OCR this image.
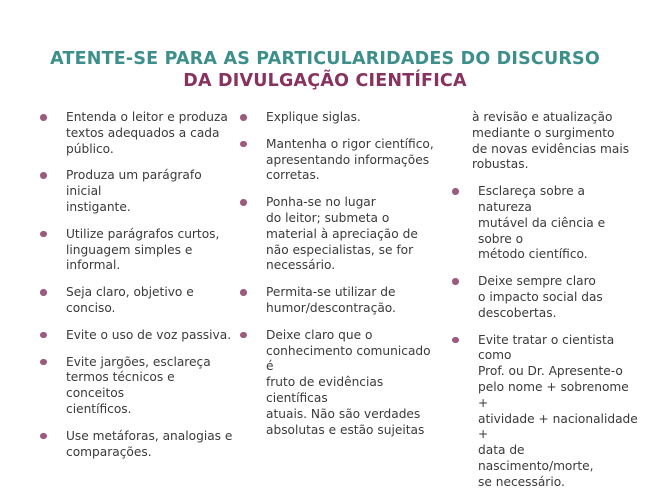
ATENTE-SE PARA AS PARTICULARIDADES DO DISCURSO
DA DIVULGAÇÃO CIENTÍFICA
Entenda o leitor e produza
textos adequados a cada
público.
Produza um parágrafo inicial
instigante.
Utilize parágrafos curtos,
linguagem simples e
informal.
Seja claro, objetivo e conciso.
Evite o uso de voz passiva.
Evite jargões, esclareça
termos técnicos e conceitos
científicos.
Use metáforas, analogias e
comparações.
Explique siglas.
Mantenha o rigor científico,
apresentando informações
corretas.
Ponha-se no lugar
do leitor; submeta o
material à apreciação de
não especialistas, se for
necessário.
Permita-se utilizar de
humor/descontração.
Deixe claro que o
conhecimento comunicado é
fruto de evidências científicas
atuais. Não são verdades
absolutas e estão sujeitas
à revisão e atualização
mediante o surgimento
de novas evidências mais
robustas.
Esclareça sobre a natureza
mutável da ciência e sobre o
método científico.
Deixe sempre claro
o impacto social das
descobertas.
Evite tratar o cientista como
Prof. ou Dr. Apresente-o
pelo nome + sobrenome +
atividade + nacionalidade +
data de nascimento/morte,
se necessário.
